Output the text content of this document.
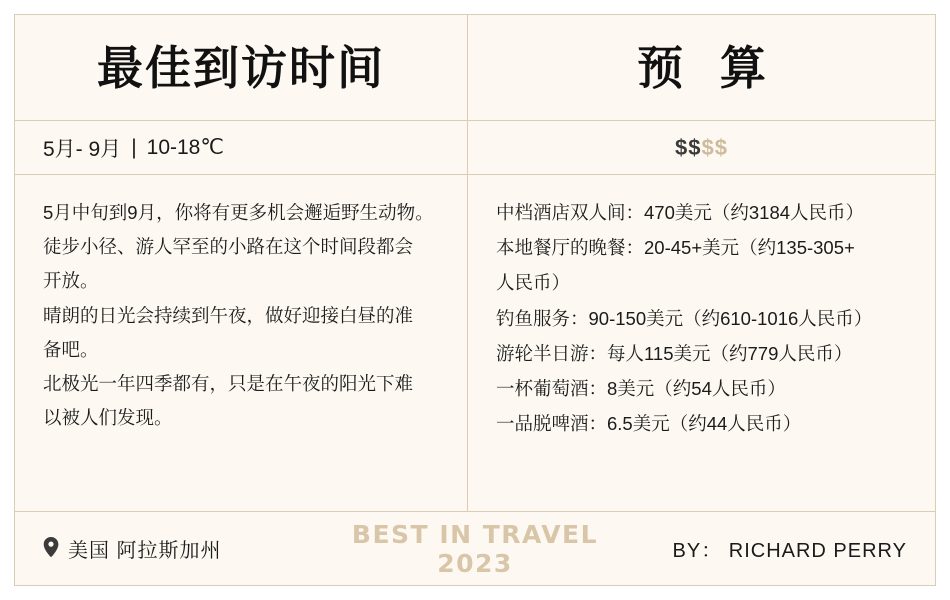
最佳到访时间
5月- 9月 | 10-18℃

5月中旬到9月，你将有更多机会邂逅野生动物。

徒步小径、游人罕至的小路在这个时间段都会

开放。

晴朗的日光会持续到午夜，做好迎接白昼的准

备吧。

北极光一年四季都有，只是在午夜的阳光下难

以被人们发现。

预 算
$$$$

中档酒店双人间：470美元（约3184人民币）

本地餐厅的晚餐：20-45+美元（约135-305+

人民币）

钓鱼服务：90-150美元（约610-1016人民币）

游轮半日游：每人115美元（约779人民币）

一杯葡萄酒：8美元（约54人民币）

一品脱啤酒：6.5美元（约44人民币）

美国 阿拉斯加州
BEST IN TRAVEL 2023	BY： RICHARD PERRY
